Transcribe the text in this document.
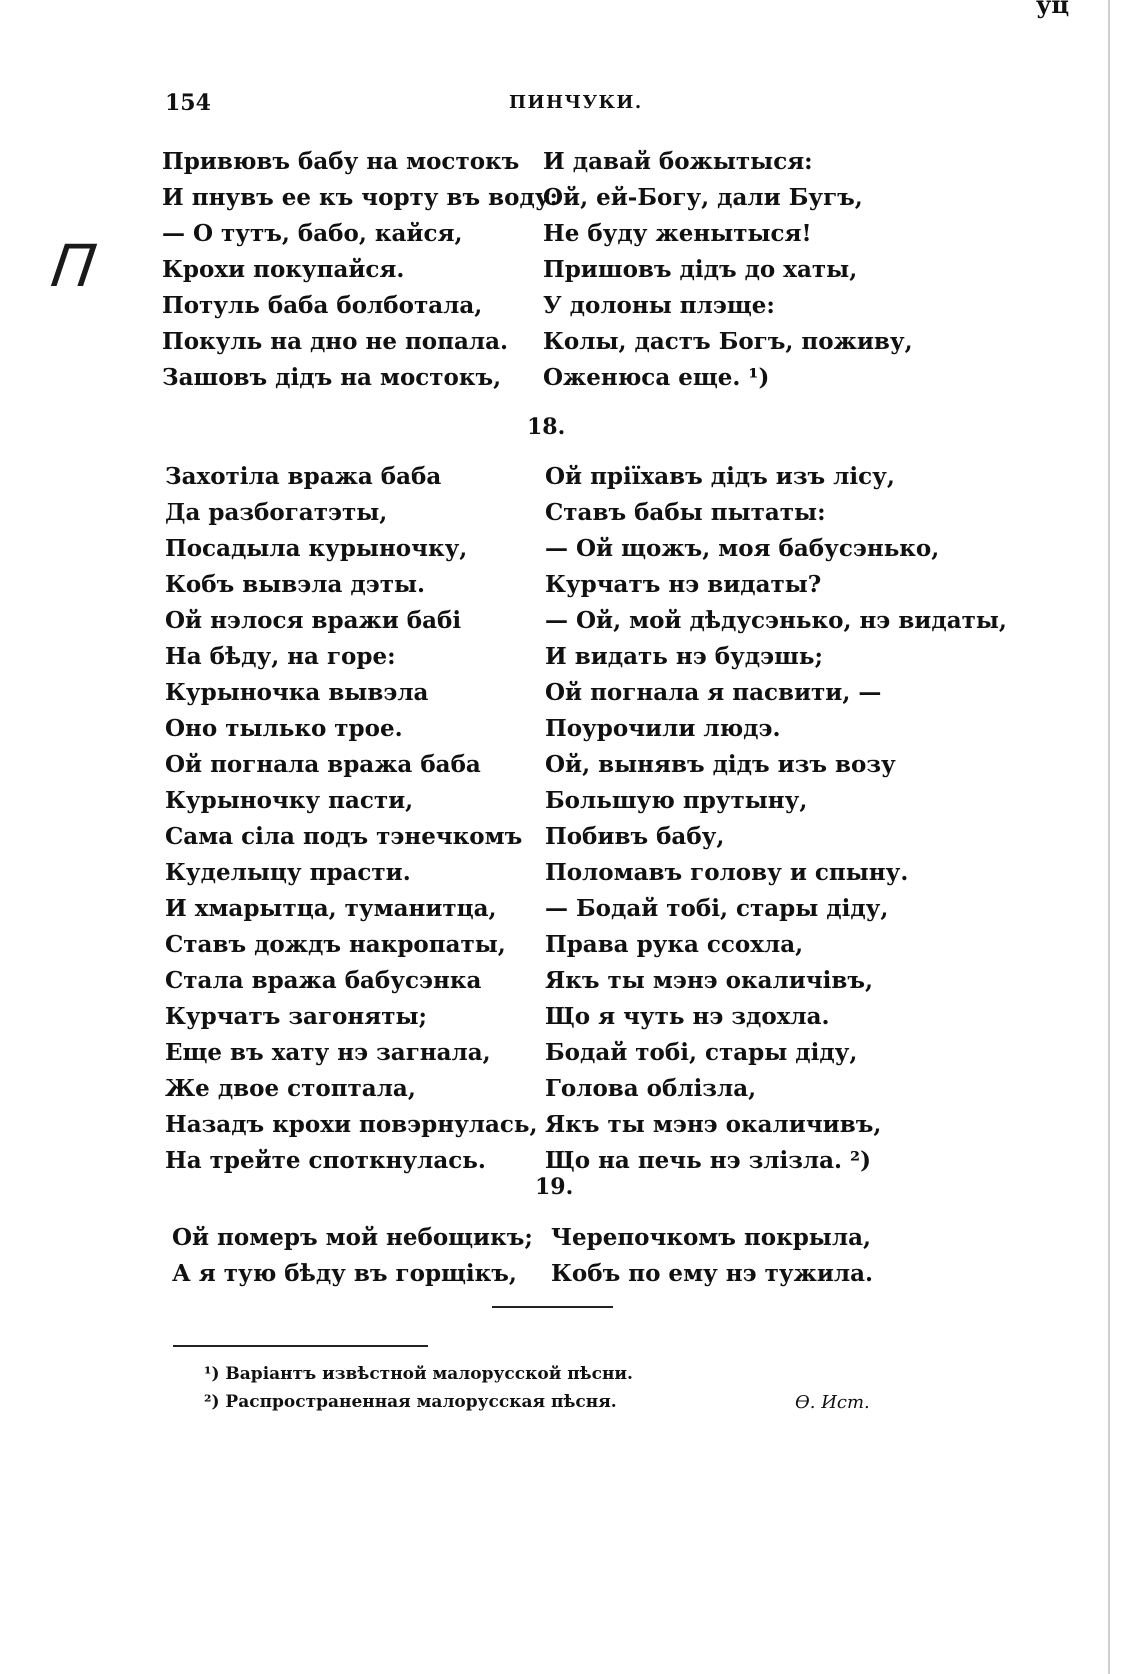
уц
П
154	ПИНЧУКИ.
Привювъ бабу на мостокъ
И пнувъ ее къ чорту въ воду:
— О тутъ, бабо, кайся,
Крохи покупайся.
Потуль баба болботала,
Покуль на дно не попала.
Зашовъ дідъ на мостокъ,
И давай божытыся:
Ой, ей-Богу, дали Бугъ,
Не буду женытыся!
Пришовъ дідъ до хаты,
У долоны плэще:
Колы, дастъ Богъ, поживу,
Оженюса еще. ¹)
18.
Захотіла вража баба
Да разбогатэты,
Посадыла курыночку,
Кобъ вывэла дэты.
Ой нэлося вражи бабі
На бѣду, на горе:
Курыночка вывэла
Оно тылько трое.
Ой погнала вража баба
Курыночку пасти,
Сама сіла подъ тэнечкомъ
Куделыцу прасти.
И хмарытца, туманитца,
Ставъ дождъ накропаты,
Стала вража бабусэнка
Курчатъ загоняты;
Еще въ хату нэ загнала,
Же двое стоптала,
Назадъ крохи повэрнулась,
На трейте споткнулась.
Ой пріїхавъ дідъ изъ лісу,
Ставъ бабы пытаты:
— Ой щожъ, моя бабусэнько,
Курчатъ нэ видаты?
— Ой, мой дѣдусэнько, нэ видаты,
И видать нэ будэшь;
Ой погнала я пасвити, —
Поурочили людэ.
Ой, вынявъ дідъ изъ возу
Большую прутыну,
Побивъ бабу,
Поломавъ голову и спыну.
— Бодай тобі, стары діду,
Права рука ссохла,
Якъ ты мэнэ окаличівъ,
Що я чуть нэ здохла.
Бодай тобі, стары діду,
Голова облізла,
Якъ ты мэнэ окаличивъ,
Що на печь нэ злізла. ²)
19.
Ой померъ мой небощикъ;
А я тую бѣду въ горщікъ,
Черепочкомъ покрыла,
Кобъ по ему нэ тужила.
¹) Варіантъ извѣстной малорусской пѣсни.
²) Распространенная малорусская пѣсня.	Ѳ. Ист.
